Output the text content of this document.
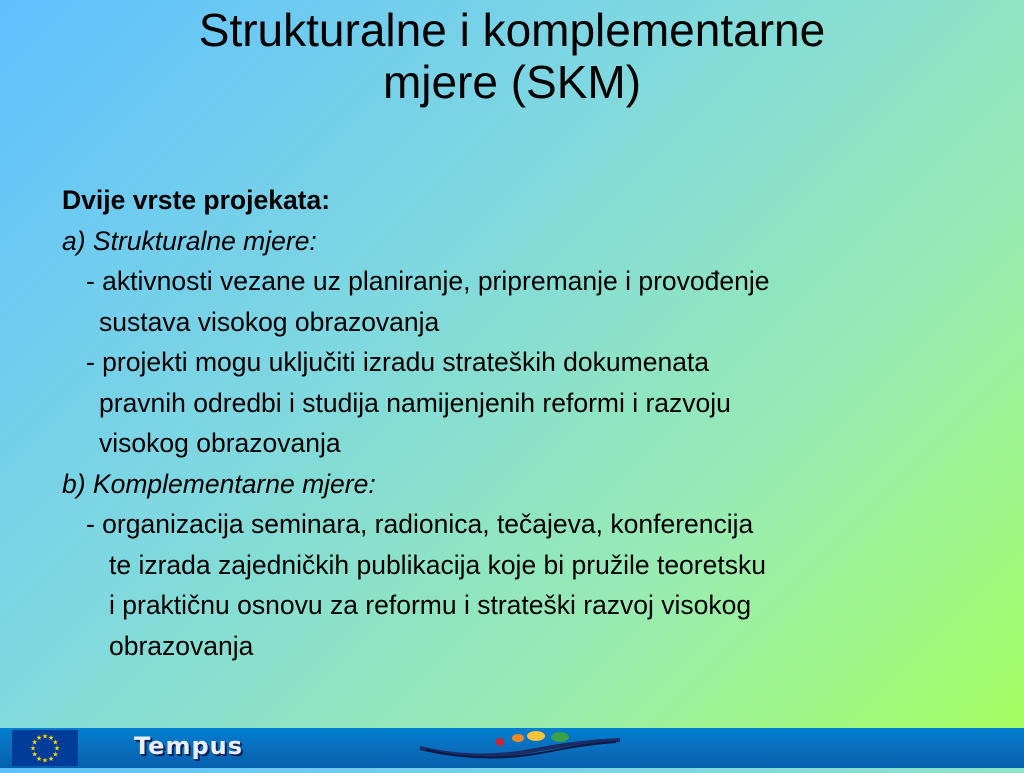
Strukturalne i komplementarne
mjere (SKM)
Dvije vrste projekata:
a) Strukturalne mjere:
- aktivnosti vezane uz planiranje, pripremanje i provođenje
sustava visokog obrazovanja
- projekti mogu uključiti izradu strateških dokumenata
pravnih odredbi i studija namijenjenih reformi i razvoju
visokog obrazovanja
b) Komplementarne mjere:
- organizacija seminara, radionica, tečajeva, konferencija
te izrada zajedničkih publikacija koje bi pružile teoretsku
i praktičnu osnovu za reformu i strateški razvoj visokog
obrazovanja
★
★
★
★
★
★
★
★
★ ★ ★
★	Tempus
